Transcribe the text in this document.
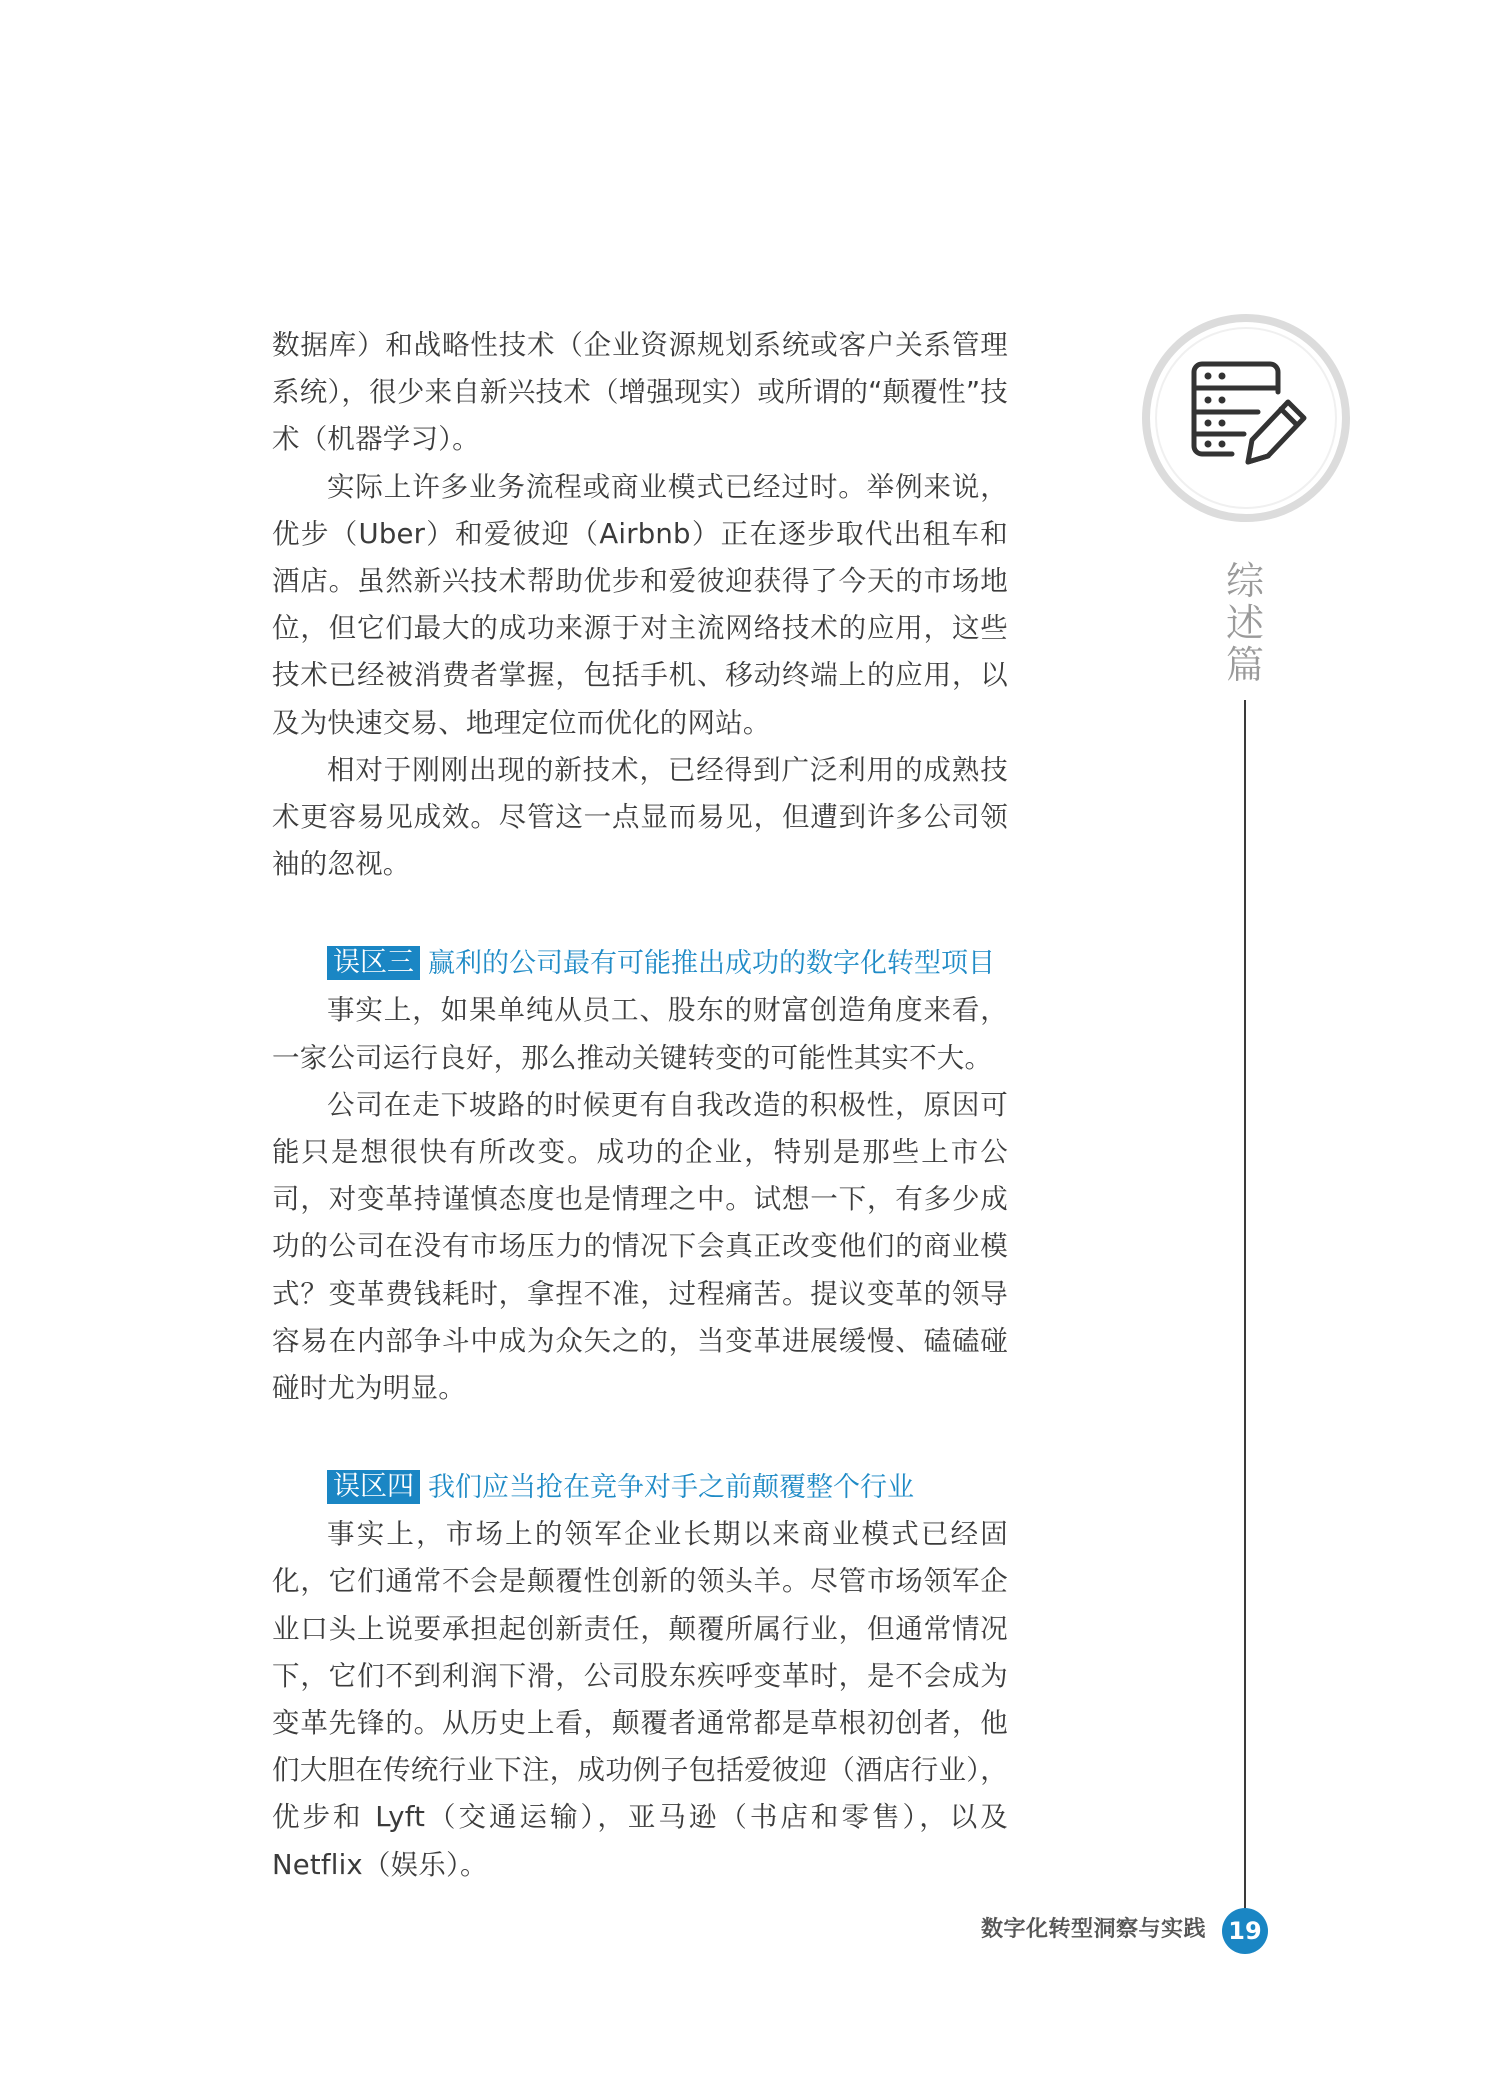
数据库）和战略性技术（企业资源规划系统或客户关系管理系统），很少来自新兴技术（增强现实）或所谓的“颠覆性”技术（机器学习）。

实际上许多业务流程或商业模式已经过时。举例来说，优步（Uber）和爱彼迎（Airbnb）正在逐步取代出租车和酒店。虽然新兴技术帮助优步和爱彼迎获得了今天的市场地位，但它们最大的成功来源于对主流网络技术的应用，这些技术已经被消费者掌握，包括手机、移动终端上的应用，以及为快速交易、地理定位而优化的网站。

相对于刚刚出现的新技术，已经得到广泛利用的成熟技术更容易见成效。尽管这一点显而易见，但遭到许多公司领袖的忽视。

误区三 赢利的公司最有可能推出成功的数字化转型项目

事实上，如果单纯从员工、股东的财富创造角度来看，一家公司运行良好，那么推动关键转变的可能性其实不大。

公司在走下坡路的时候更有自我改造的积极性，原因可能只是想很快有所改变。成功的企业，特别是那些上市公司，对变革持谨慎态度也是情理之中。试想一下，有多少成功的公司在没有市场压力的情况下会真正改变他们的商业模式？变革费钱耗时，拿捏不准，过程痛苦。提议变革的领导容易在内部争斗中成为众矢之的，当变革进展缓慢、磕磕碰碰时尤为明显。

误区四 我们应当抢在竞争对手之前颠覆整个行业

事实上，市场上的领军企业长期以来商业模式已经固化，它们通常不会是颠覆性创新的领头羊。尽管市场领军企业口头上说要承担起创新责任，颠覆所属行业，但通常情况下，它们不到利润下滑，公司股东疾呼变革时，是不会成为变革先锋的。从历史上看，颠覆者通常都是草根初创者，他们大胆在传统行业下注，成功例子包括爱彼迎（酒店行业），优步和 Lyft（交通运输），亚马逊（书店和零售），以及 Netflix（娱乐）。

综
述
篇
数字化转型洞察与实践 19
